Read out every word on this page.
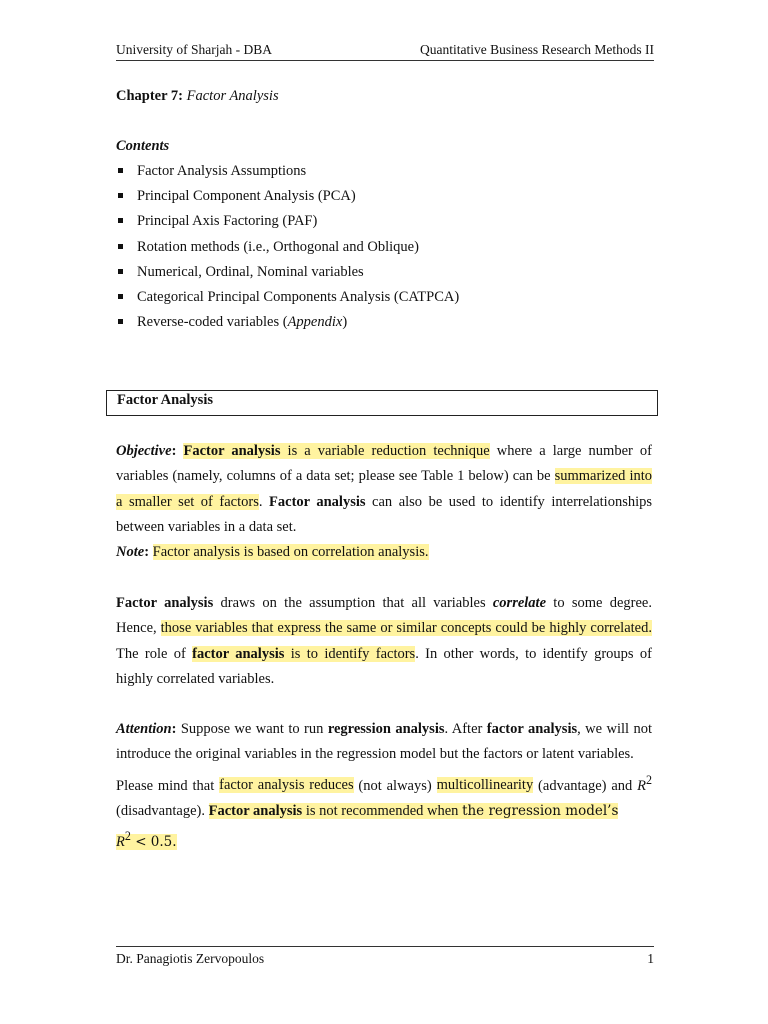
University of Sharjah - DBA	Quantitative Business Research Methods II
Chapter 7: Factor Analysis
Contents
Factor Analysis Assumptions
Principal Component Analysis (PCA)
Principal Axis Factoring (PAF)
Rotation methods (i.e., Orthogonal and Oblique)
Numerical, Ordinal, Nominal variables
Categorical Principal Components Analysis (CATPCA)
Reverse-coded variables (Appendix)
Factor Analysis

Objective: Factor analysis is a variable reduction technique where a large number of variables (namely, columns of a data set; please see Table 1 below) can be summarized into a smaller set of factors. Factor analysis can also be used to identify interrelationships between variables in a data set.
Note: Factor analysis is based on correlation analysis.

Factor analysis draws on the assumption that all variables correlate to some degree. Hence, those variables that express the same or similar concepts could be highly correlated. The role of factor analysis is to identify factors. In other words, to identify groups of highly correlated variables.

Attention: Suppose we want to run regression analysis. After factor analysis, we will not introduce the original variables in the regression model but the factors or latent variables.
Please mind that factor analysis reduces (not always) multicollinearity (advantage) and $R^2$ (disadvantage). Factor analysis is not recommended when the regression model’s
$R^2 < 0.5$.

Dr. Panagiotis Zervopoulos	1
